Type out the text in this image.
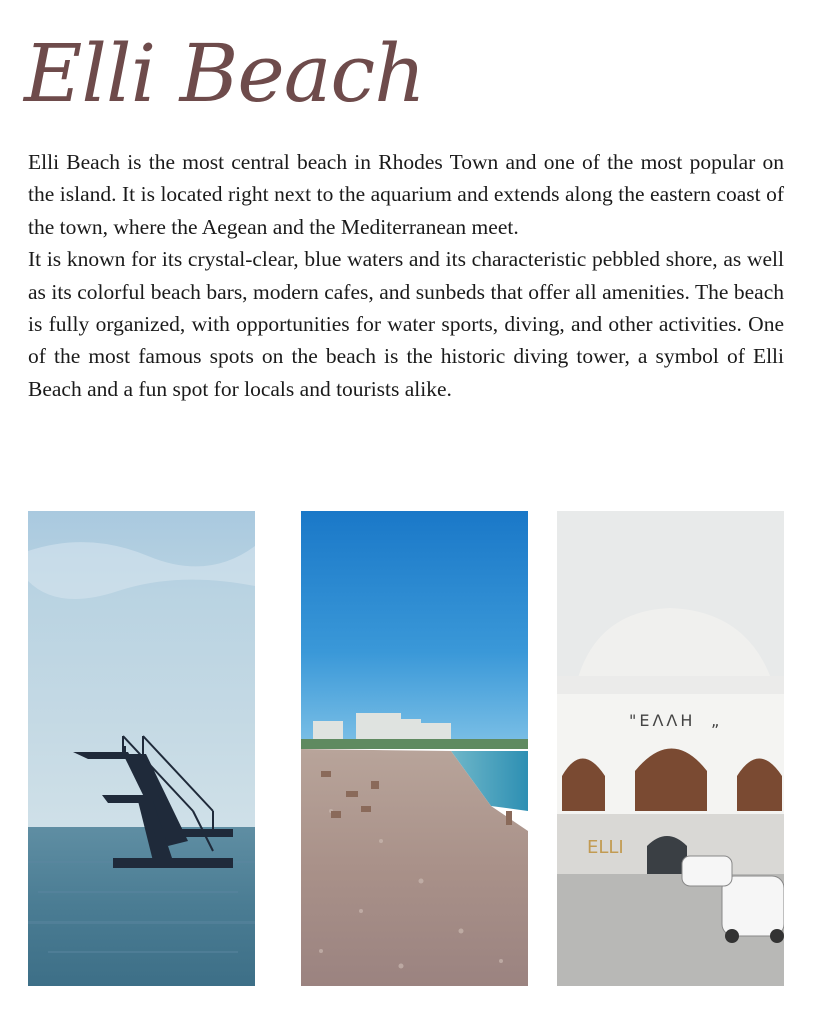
Elli Beach

Elli Beach is the most central beach in Rhodes Town and one of the most popular on the island. It is located right next to the aquarium and extends along the eastern coast of the town, where the Aegean and the Mediterranean meet.

It is known for its crystal-clear, blue waters and its characteristic pebbled shore, as well as its colorful beach bars, modern cafes, and sunbeds that offer all amenities. The beach is fully organized, with opportunities for water sports, diving, and other activities. One of the most famous spots on the beach is the historic diving tower, a symbol of Elli Beach and a fun spot for locals and tourists alike.

"ΕΛΛΗ „
ELLI
